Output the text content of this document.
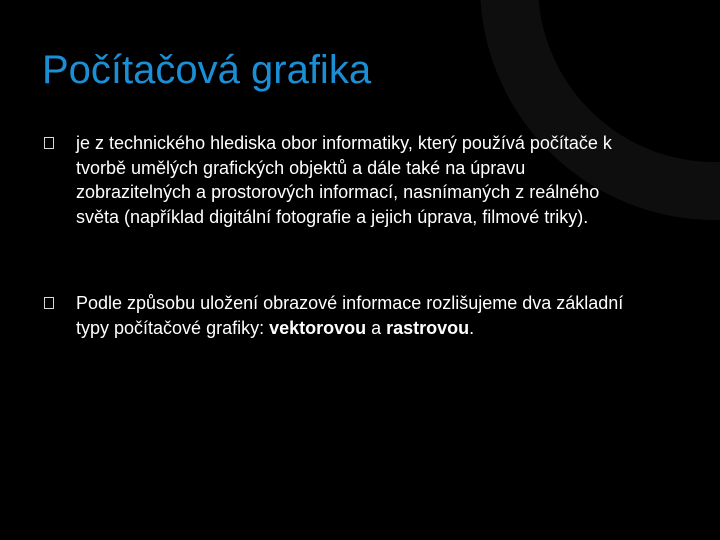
Počítačová grafika
je z technického hlediska obor informatiky, který používá počítače k tvorbě umělých grafických objektů a dále také na úpravu zobrazitelných a prostorových informací, nasnímaných z reálného světa (například digitální fotografie a jejich úprava, filmové triky).
Podle způsobu uložení obrazové informace rozlišujeme dva základní typy počítačové grafiky: vektorovou a rastrovou.
